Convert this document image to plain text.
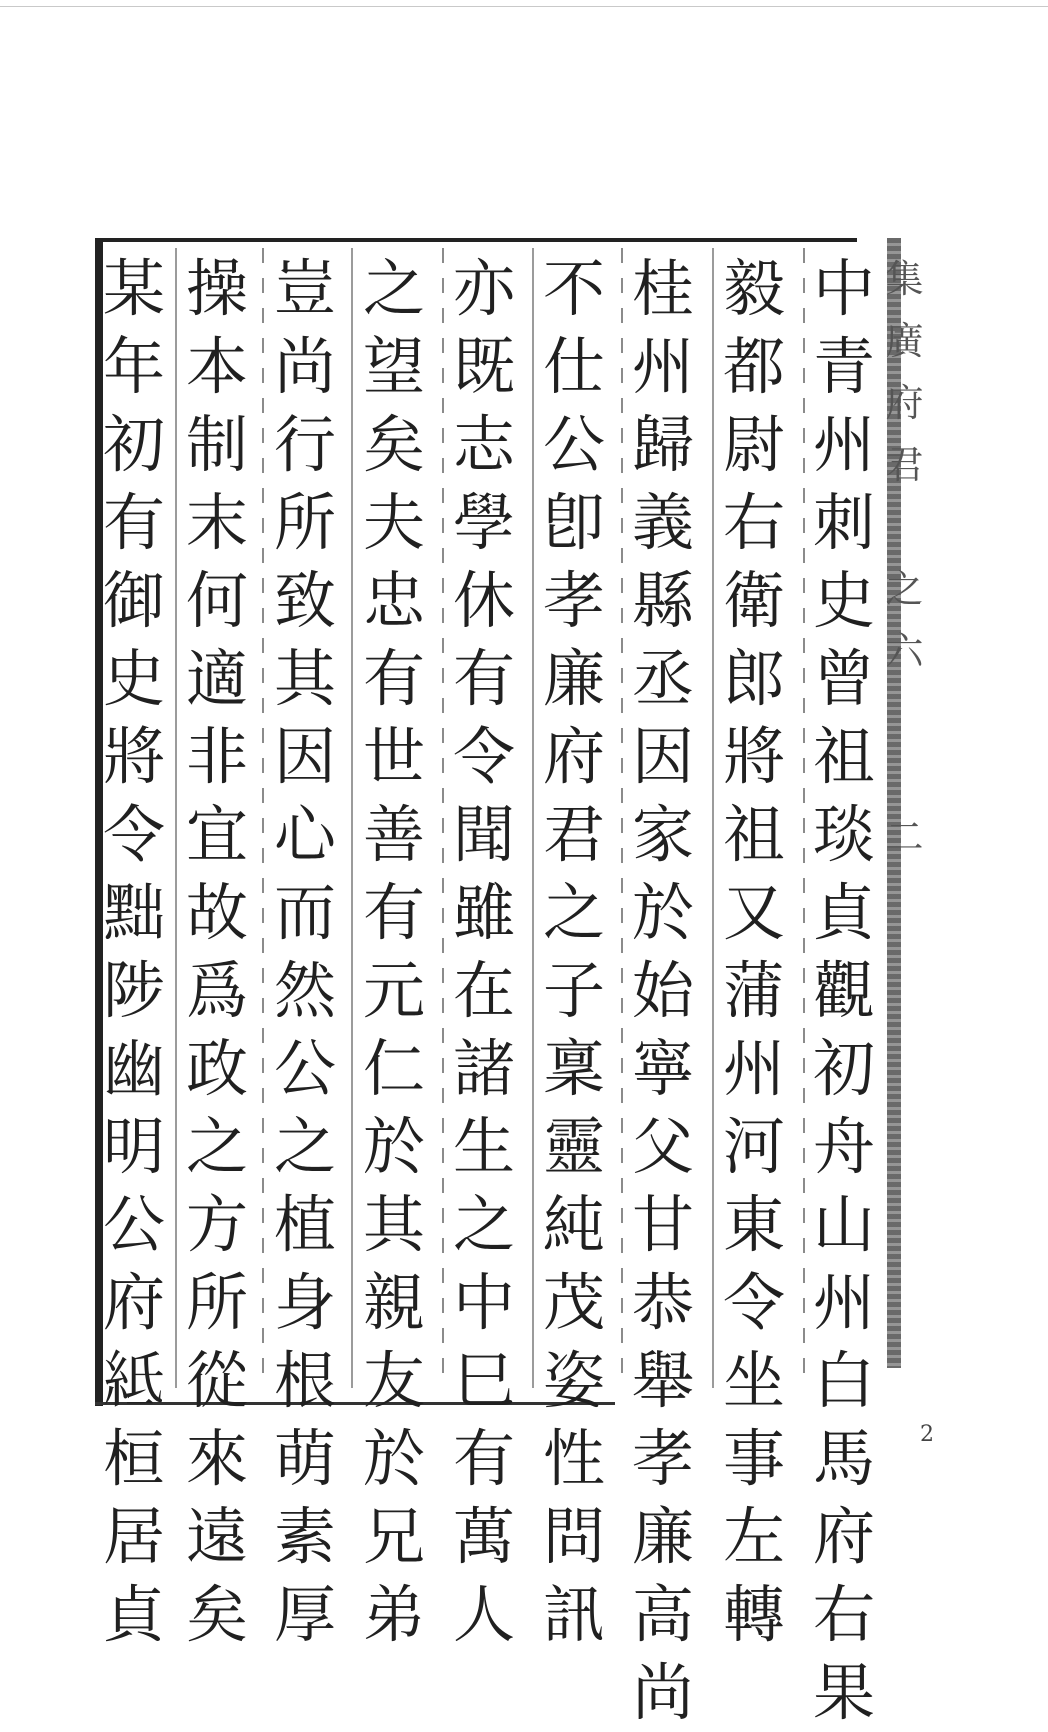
集
廣
府
君
之
六
二
中
青
州
刺
史
曾
祖
琰
貞
觀
初
舟
山
州
白
馬
府
右
果
毅
都
尉
右
衛
郎
將
祖
又
蒲
州
河
東
令
坐
事
左
轉
桂
州
歸
義
縣
丞
因
家
於
始
寧
父
甘
恭
舉
孝
廉
高
尚
不
仕
公
卽
孝
廉
府
君
之
子
稟
靈
純
茂
姿
性
問
訊
亦
既
志
學
休
有
令
聞
雖
在
諸
生
之
中
巳
有
萬
人
之
望
矣
夫
忠
有
世
善
有
元
仁
於
其
親
友
於
兄
弟
豈
尚
行
所
致
其
因
心
而
然
公
之
植
身
根
萌
素
厚
操
本
制
末
何
適
非
宜
故
爲
政
之
方
所
從
來
遠
矣
某
年
初
有
御
史
將
令
黜
陟
幽
明
公
府
𥿄
桓
居
貞
2
